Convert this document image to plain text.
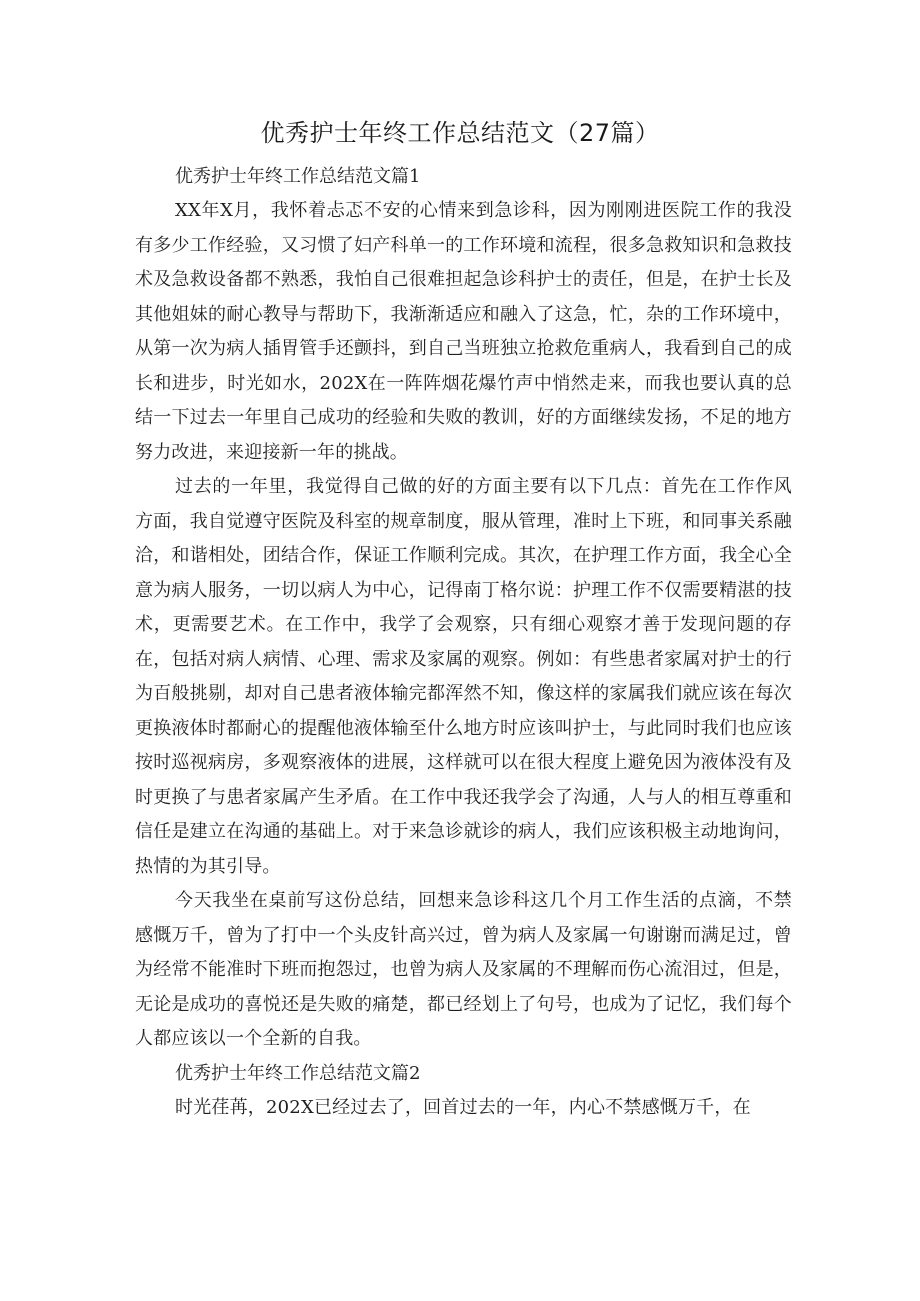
优秀护士年终工作总结范文（27篇）

优秀护士年终工作总结范文篇1

XX年X月，我怀着忐忑不安的心情来到急诊科，因为刚刚进医院工作的我没有多少工作经验，又习惯了妇产科单一的工作环境和流程，很多急救知识和急救技术及急救设备都不熟悉，我怕自己很难担起急诊科护士的责任，但是，在护士长及其他姐妹的耐心教导与帮助下，我渐渐适应和融入了这急，忙，杂的工作环境中，从第一次为病人插胃管手还颤抖，到自己当班独立抢救危重病人，我看到自己的成长和进步，时光如水，202X在一阵阵烟花爆竹声中悄然走来，而我也要认真的总结一下过去一年里自己成功的经验和失败的教训，好的方面继续发扬，不足的地方努力改进，来迎接新一年的挑战。

过去的一年里，我觉得自己做的好的方面主要有以下几点：首先在工作作风方面，我自觉遵守医院及科室的规章制度，服从管理，准时上下班，和同事关系融洽，和谐相处，团结合作，保证工作顺利完成。其次，在护理工作方面，我全心全意为病人服务，一切以病人为中心，记得南丁格尔说：护理工作不仅需要精湛的技术，更需要艺术。在工作中，我学了会观察，只有细心观察才善于发现问题的存在，包括对病人病情、心理、需求及家属的观察。例如：有些患者家属对护士的行为百般挑剔，却对自己患者液体输完都浑然不知，像这样的家属我们就应该在每次更换液体时都耐心的提醒他液体输至什么地方时应该叫护士，与此同时我们也应该按时巡视病房，多观察液体的进展，这样就可以在很大程度上避免因为液体没有及时更换了与患者家属产生矛盾。在工作中我还我学会了沟通，人与人的相互尊重和信任是建立在沟通的基础上。对于来急诊就诊的病人，我们应该积极主动地询问，热情的为其引导。

今天我坐在桌前写这份总结，回想来急诊科这几个月工作生活的点滴，不禁感慨万千，曾为了打中一个头皮针高兴过，曾为病人及家属一句谢谢而满足过，曾为经常不能准时下班而抱怨过，也曾为病人及家属的不理解而伤心流泪过，但是，无论是成功的喜悦还是失败的痛楚，都已经划上了句号，也成为了记忆，我们每个人都应该以一个全新的自我。

优秀护士年终工作总结范文篇2

时光荏苒，202X已经过去了，回首过去的一年，内心不禁感慨万千，在
